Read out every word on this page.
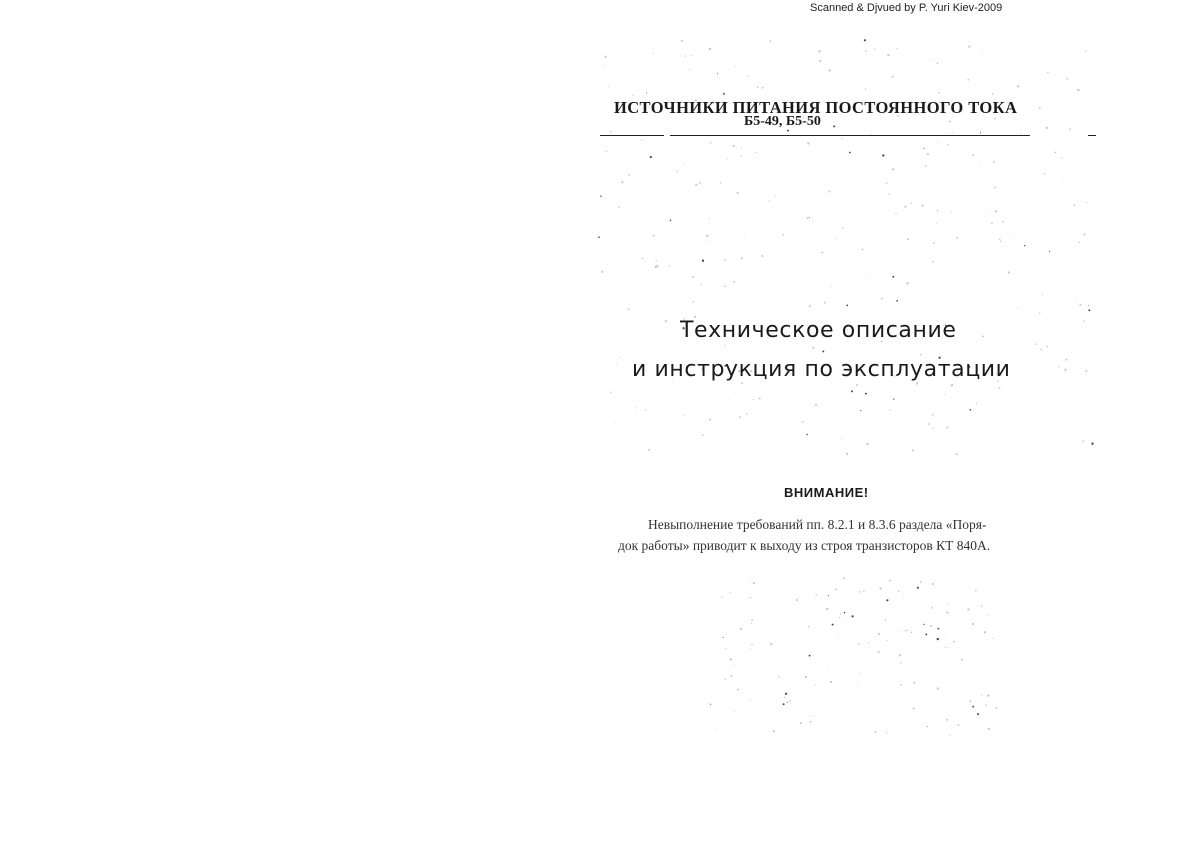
Scanned & Djvued by P. Yuri Kiev-2009
ИСТОЧНИКИ ПИТАНИЯ ПОСТОЯННОГО ТОКА
Б5-49, Б5-50
Техническое описание
и инструкция по эксплуатации
ВНИМАНИЕ!
Невыполнение требований пп. 8.2.1 и 8.3.6 раздела «Поря-
док работы» приводит к выходу из строя транзисторов КТ 840А.
